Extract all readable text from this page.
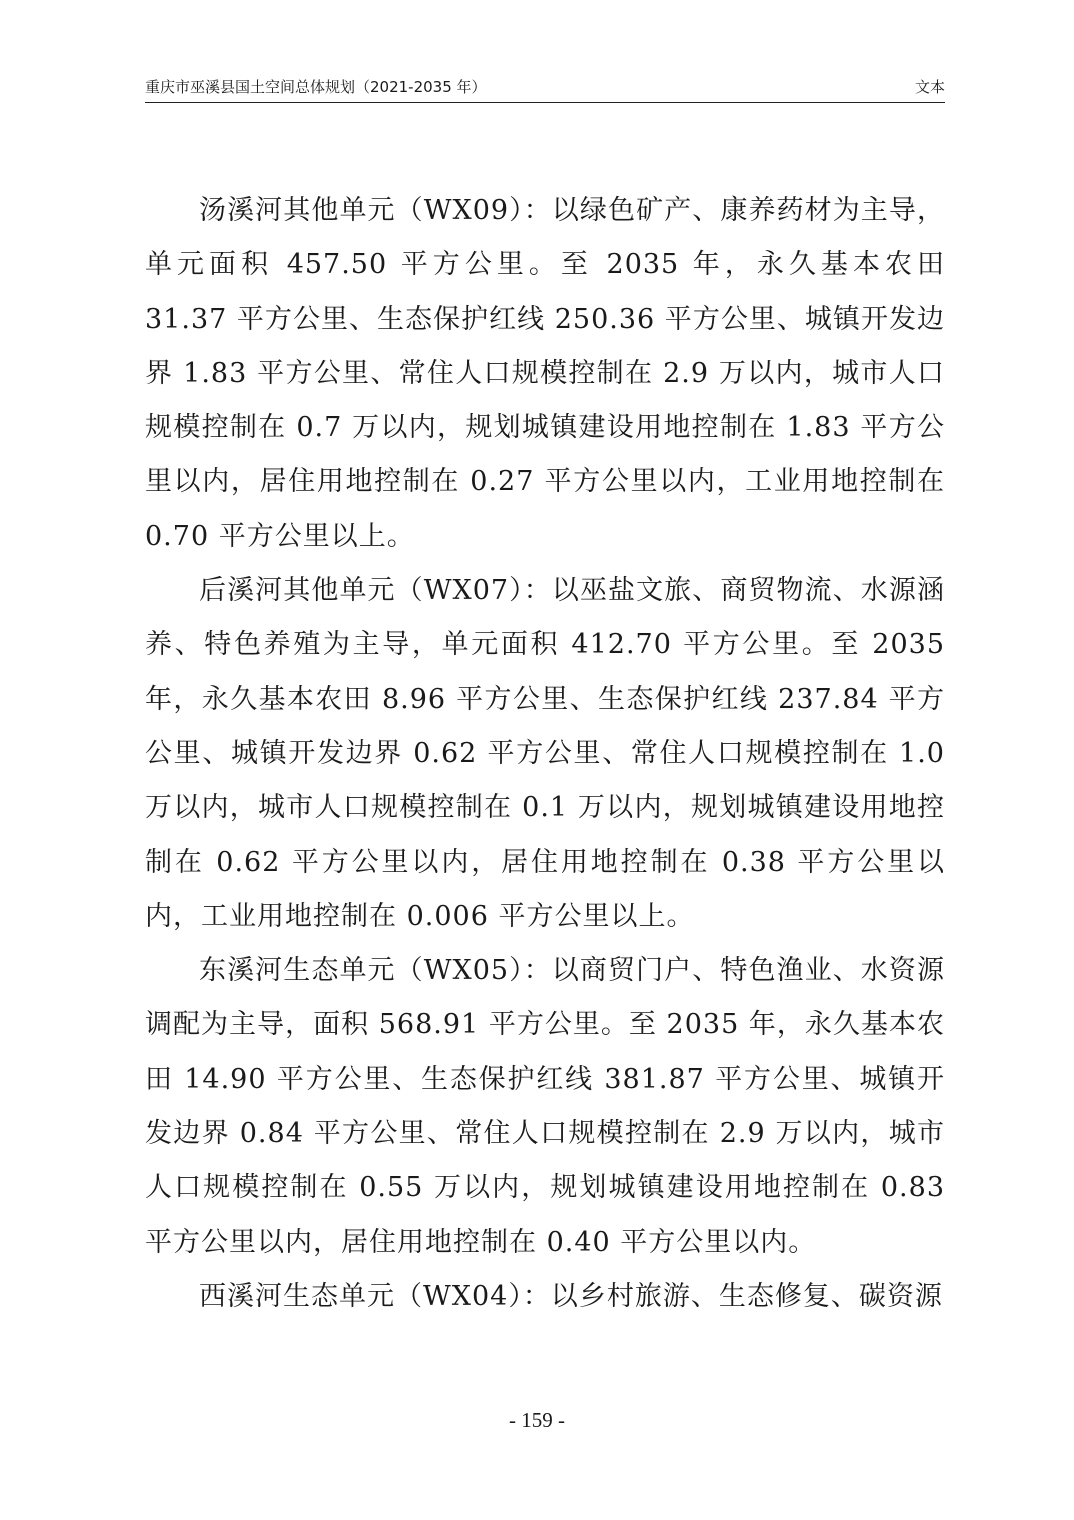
重庆市巫溪县国土空间总体规划（2021-2035 年）	文本

汤溪河其他单元（WX09）：以绿色矿产、康养药材为主导，单元面积 457.50 平方公里。至 2035 年，永久基本农田 31.37 平方公里、生态保护红线 250.36 平方公里、城镇开发边界 1.83 平方公里、常住人口规模控制在 2.9 万以内，城市人口规模控制在 0.7 万以内，规划城镇建设用地控制在 1.83 平方公里以内，居住用地控制在 0.27 平方公里以内，工业用地控制在 0.70 平方公里以上。

后溪河其他单元（WX07）：以巫盐文旅、商贸物流、水源涵养、特色养殖为主导，单元面积 412.70 平方公里。至 2035 年，永久基本农田 8.96 平方公里、生态保护红线 237.84 平方公里、城镇开发边界 0.62 平方公里、常住人口规模控制在 1.0 万以内，城市人口规模控制在 0.1 万以内，规划城镇建设用地控制在 0.62 平方公里以内，居住用地控制在 0.38 平方公里以内，工业用地控制在 0.006 平方公里以上。

东溪河生态单元（WX05）：以商贸门户、特色渔业、水资源调配为主导，面积 568.91 平方公里。至 2035 年，永久基本农田 14.90 平方公里、生态保护红线 381.87 平方公里、城镇开发边界 0.84 平方公里、常住人口规模控制在 2.9 万以内，城市人口规模控制在 0.55 万以内，规划城镇建设用地控制在 0.83 平方公里以内，居住用地控制在 0.40 平方公里以内。

西溪河生态单元（WX04）：以乡村旅游、生态修复、碳资源

- 159 -
